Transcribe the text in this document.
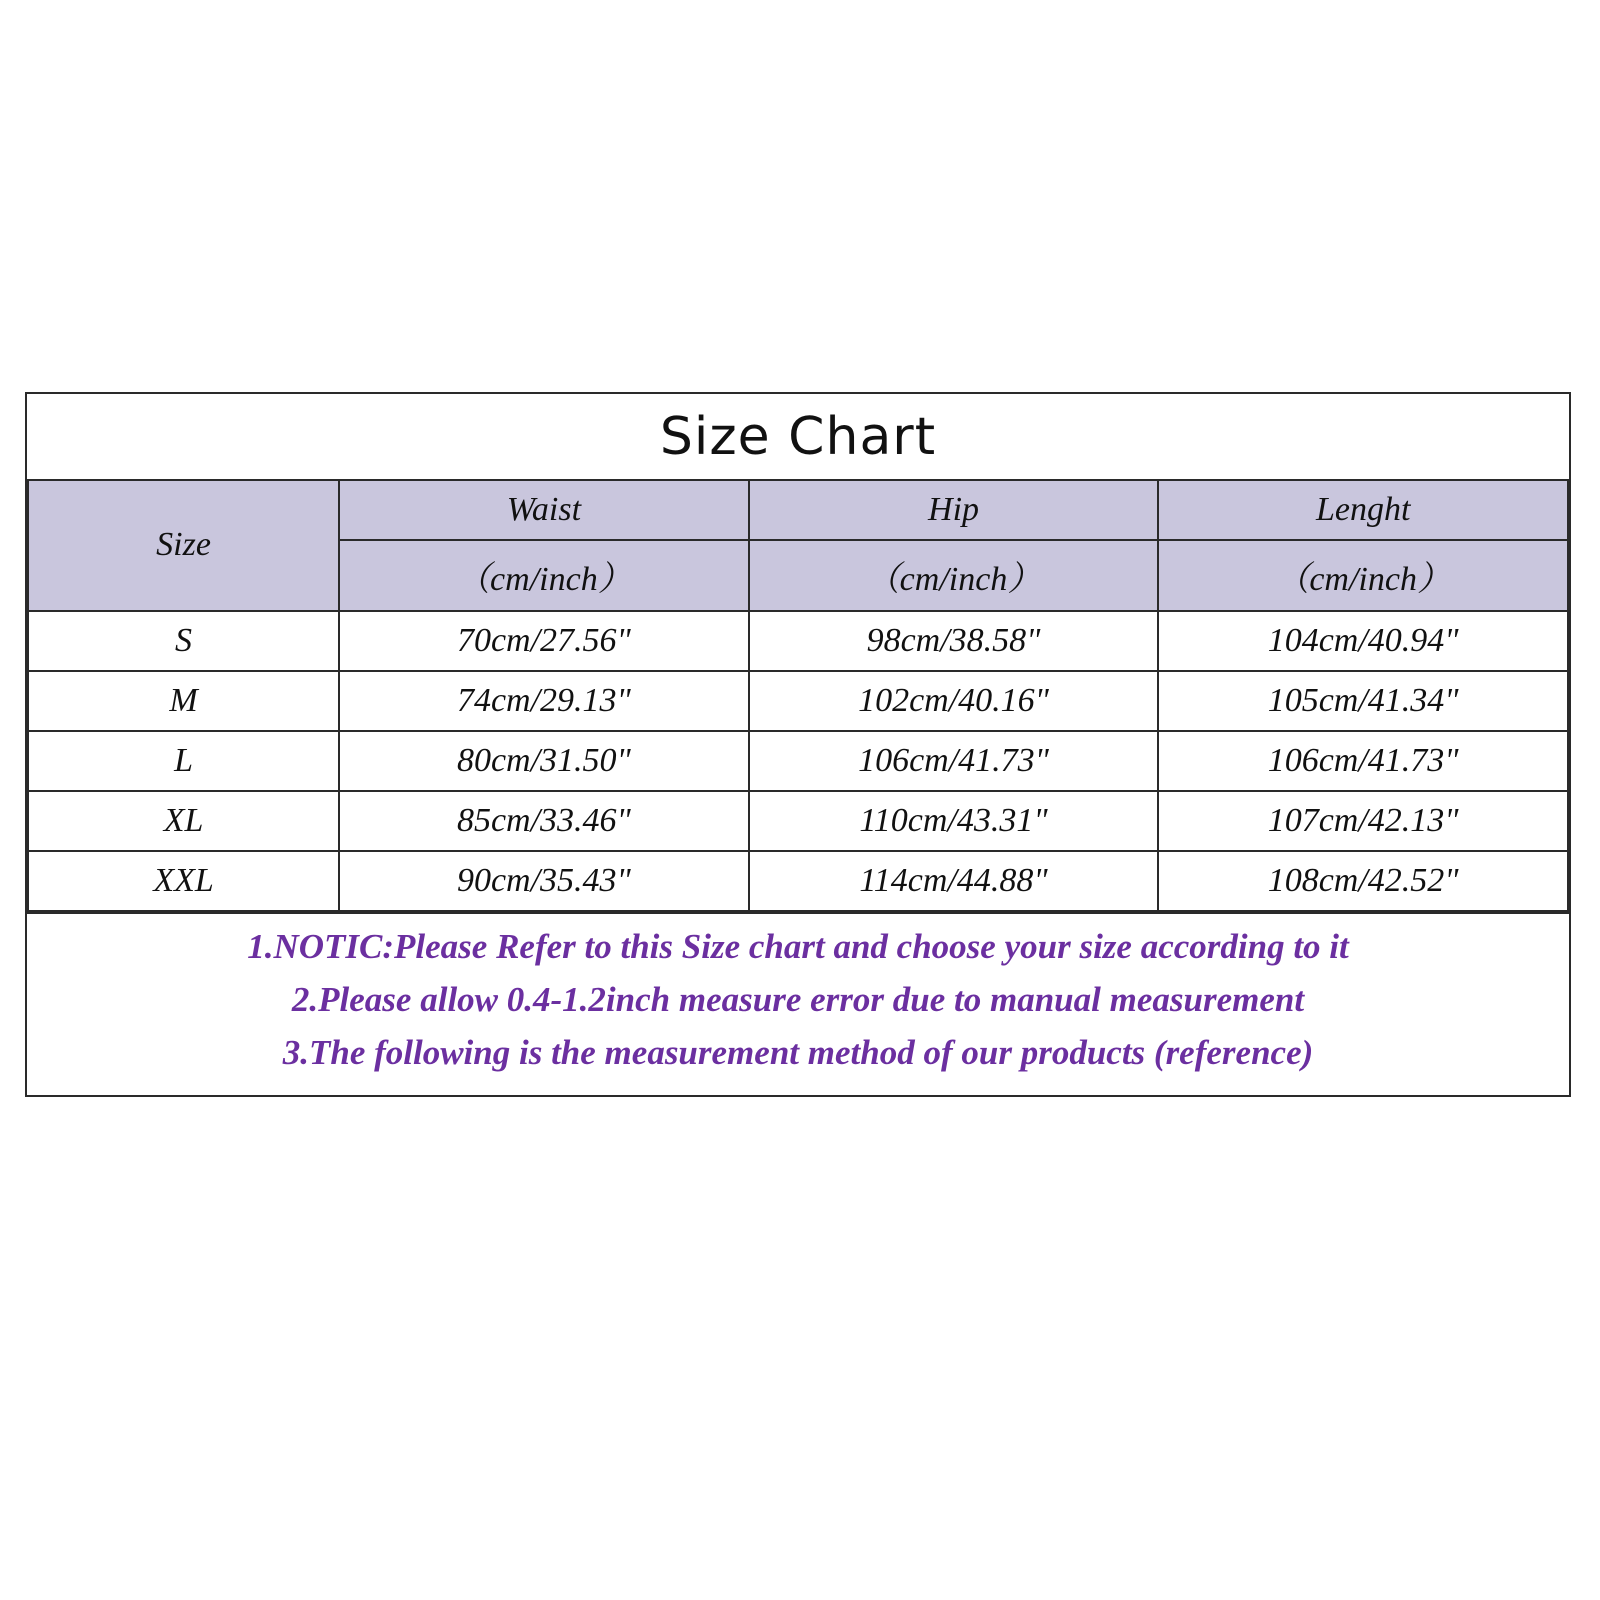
Size Chart
Size	Waist	Hip	Lenght
	（cm/inch）	（cm/inch）	（cm/inch）
S	70cm/27.56"	98cm/38.58"	104cm/40.94"
M	74cm/29.13"	102cm/40.16"	105cm/41.34"
L	80cm/31.50"	106cm/41.73"	106cm/41.73"
XL	85cm/33.46"	110cm/43.31"	107cm/42.13"
XXL	90cm/35.43"	114cm/44.88"	108cm/42.52"
1.NOTIC:Please Refer to this Size chart and choose your size according to it
2.Please allow 0.4-1.2inch measure error due to manual measurement
3.The following is the measurement method of our products (reference)
